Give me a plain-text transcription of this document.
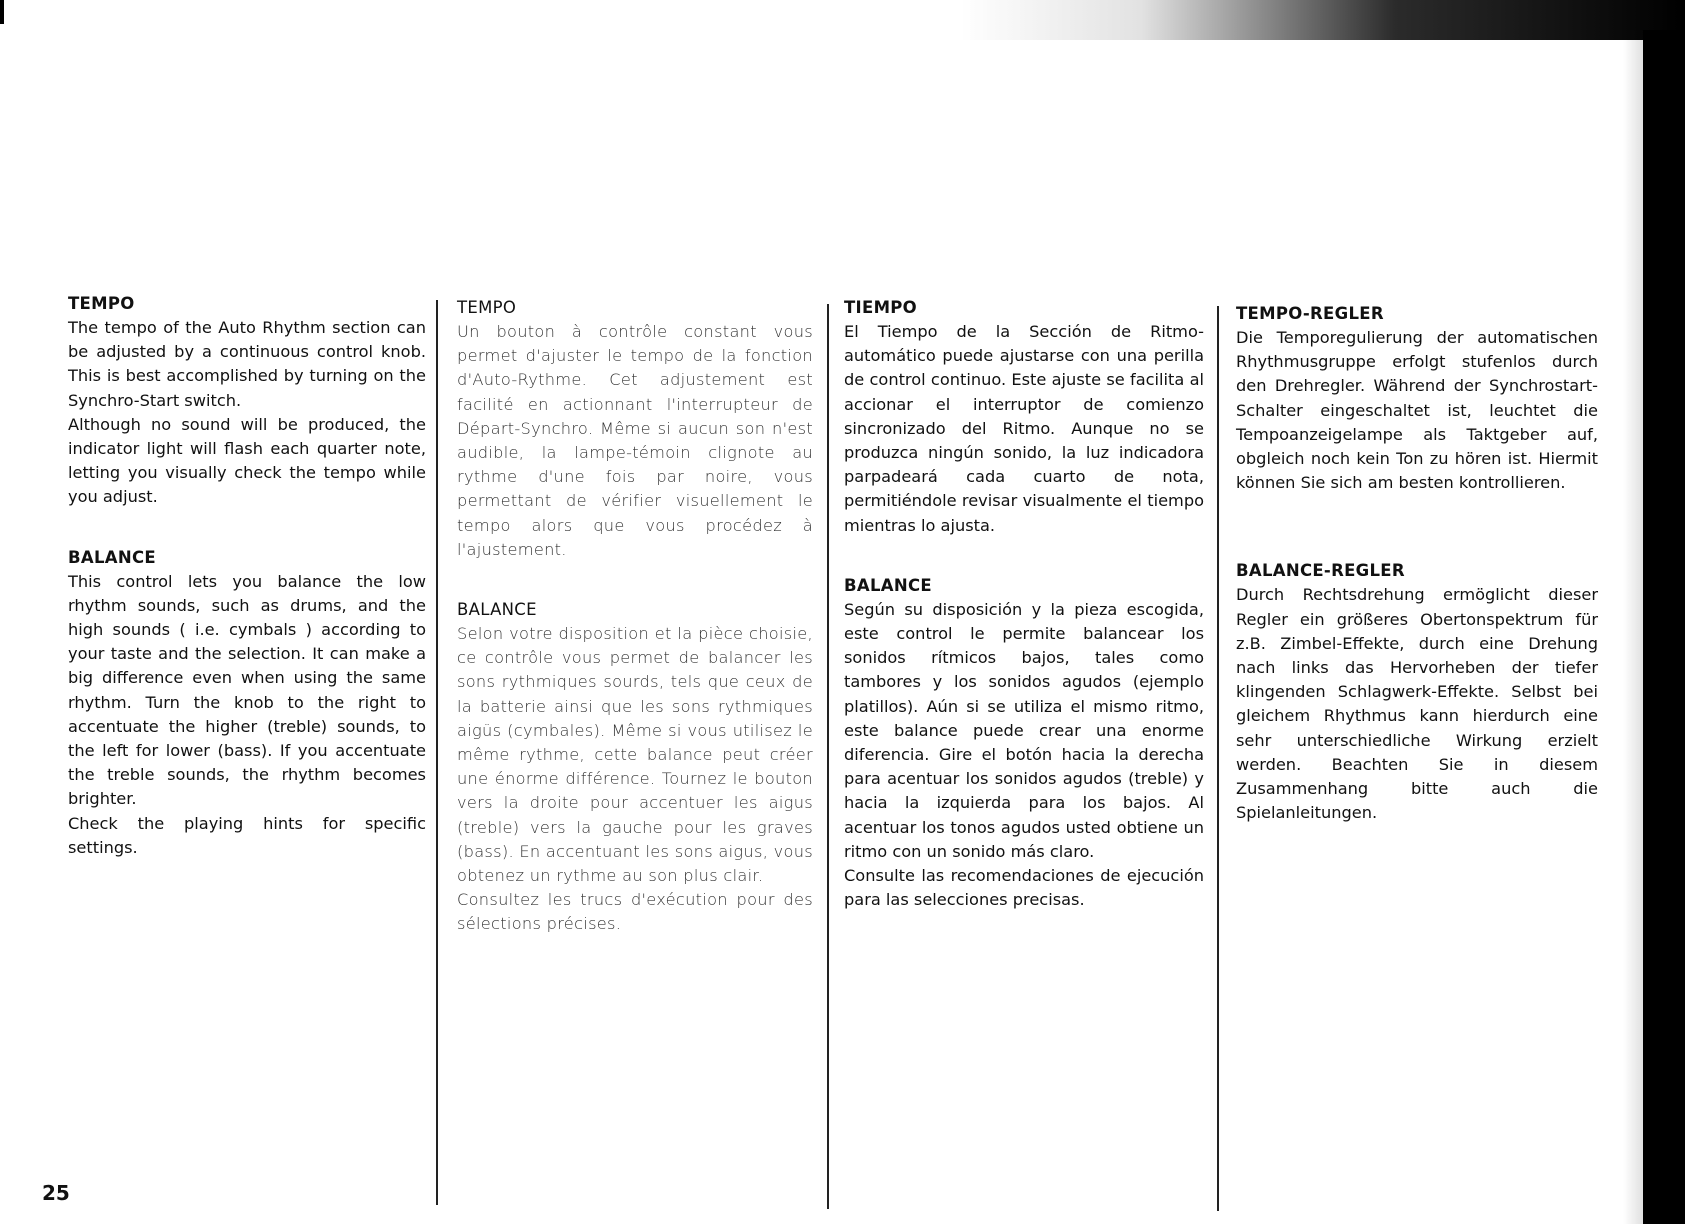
TEMPO

The tempo of the Auto Rhythm section can be adjusted by a continuous control knob. This is best accomplished by turning on the Synchro-Start switch.

Although no sound will be produced, the indicator light will flash each quarter note, letting you visually check the tempo while you adjust.

BALANCE

This control lets you balance the low rhythm sounds, such as drums, and the high sounds ( i.e. cymbals ) according to your taste and the selection. It can make a big difference even when using the same rhythm. Turn the knob to the right to accentuate the higher (treble) sounds, to the left for lower (bass). If you accentuate the treble sounds, the rhythm becomes brighter.

Check the playing hints for specific settings.

TEMPO

Un bouton à contrôle constant vous permet d'ajuster le tempo de la fonction d'Auto-Rythme. Cet adjustement est facilité en actionnant l'interrupteur de Départ-Synchro. Même si aucun son n'est audible, la lampe-témoin clignote au rythme d'une fois par noire, vous permettant de vérifier visuellement le tempo alors que vous procédez à l'ajustement.

BALANCE

Selon votre disposition et la pièce choisie, ce contrôle vous permet de balancer les sons rythmiques sourds, tels que ceux de la batterie ainsi que les sons rythmiques aigüs (cymbales). Même si vous utilisez le même rythme, cette balance peut créer une énorme différence. Tournez le bouton vers la droite pour accentuer les aigus (treble) vers la gauche pour les graves (bass). En accentuant les sons aigus, vous obtenez un rythme au son plus clair.

Consultez les trucs d'exécution pour des sélections précises.

TIEMPO

El Tiempo de la Sección de Ritmo-automático puede ajustarse con una perilla de control continuo. Este ajuste se facilita al accionar el interruptor de comienzo sincronizado del Ritmo. Aunque no se produzca ningún sonido, la luz indicadora parpadeará cada cuarto de nota, permitiéndole revisar visualmente el tiempo mientras lo ajusta.

BALANCE

Según su disposición y la pieza escogida, este control le permite balancear los sonidos rítmicos bajos, tales como tambores y los sonidos agudos (ejemplo platillos). Aún si se utiliza el mismo ritmo, este balance puede crear una enorme diferencia. Gire el botón hacia la derecha para acentuar los sonidos agudos (treble) y hacia la izquierda para los bajos. Al acentuar los tonos agudos usted obtiene un ritmo con un sonido más claro.

Consulte las recomendaciones de ejecución para las selecciones precisas.

TEMPO-REGLER

Die Temporegulierung der automatischen Rhythmusgruppe erfolgt stufenlos durch den Drehregler. Während der Synchrostart-Schalter eingeschaltet ist, leuchtet die Tempoanzeigelampe als Taktgeber auf, obgleich noch kein Ton zu hören ist. Hiermit können Sie sich am besten kontrollieren.

BALANCE-REGLER

Durch Rechtsdrehung ermöglicht dieser Regler ein größeres Obertonspektrum für z.B. Zimbel-Effekte, durch eine Drehung nach links das Hervorheben der tiefer klingenden Schlagwerk-Effekte. Selbst bei gleichem Rhythmus kann hierdurch eine sehr unterschiedliche Wirkung erzielt werden. Beachten Sie in diesem Zusammenhang bitte auch die Spielanleitungen.

25
